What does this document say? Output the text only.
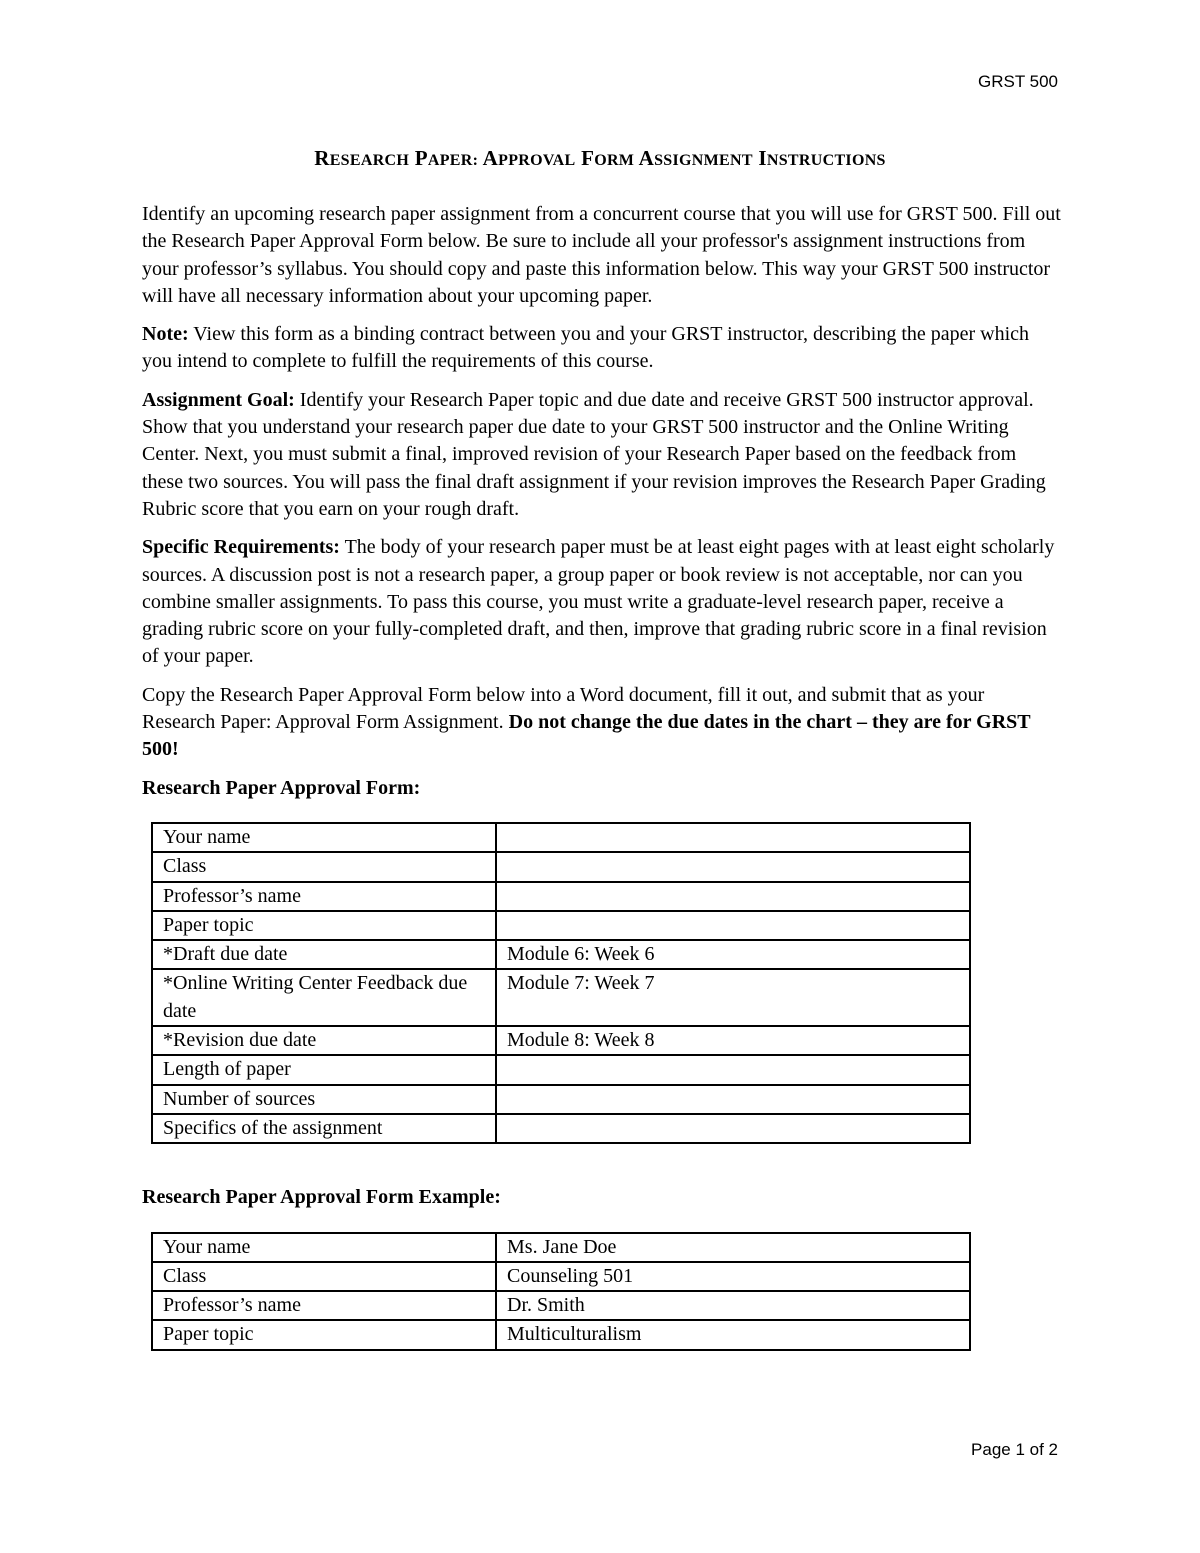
GRST 500
RESEARCH PAPER: APPROVAL FORM ASSIGNMENT INSTRUCTIONS

Identify an upcoming research paper assignment from a concurrent course that you will use for GRST 500. Fill out the Research Paper Approval Form below. Be sure to include all your professor's assignment instructions from your professor’s syllabus. You should copy and paste this information below. This way your GRST 500 instructor will have all necessary information about your upcoming paper.

Note: View this form as a binding contract between you and your GRST instructor, describing the paper which you intend to complete to fulfill the requirements of this course.

Assignment Goal: Identify your Research Paper topic and due date and receive GRST 500 instructor approval. Show that you understand your research paper due date to your GRST 500 instructor and the Online Writing Center. Next, you must submit a final, improved revision of your Research Paper based on the feedback from these two sources. You will pass the final draft assignment if your revision improves the Research Paper Grading Rubric score that you earn on your rough draft.

Specific Requirements: The body of your research paper must be at least eight pages with at least eight scholarly sources. A discussion post is not a research paper, a group paper or book review is not acceptable, nor can you combine smaller assignments. To pass this course, you must write a graduate-level research paper, receive a grading rubric score on your fully-completed draft, and then, improve that grading rubric score in a final revision of your paper.

Copy the Research Paper Approval Form below into a Word document, fill it out, and submit that as your Research Paper: Approval Form Assignment. Do not change the due dates in the chart – they are for GRST 500!

Research Paper Approval Form:
Your name	
Class	
Professor’s name	
Paper topic	
*Draft due date	Module 6: Week 6
*Online Writing Center Feedback due date	Module 7: Week 7
*Revision due date	Module 8: Week 8
Length of paper	
Number of sources	
Specifics of the assignment	
Research Paper Approval Form Example:
Your name	Ms. Jane Doe
Class	Counseling 501
Professor’s name	Dr. Smith
Paper topic	Multiculturalism
Page 1 of 2
